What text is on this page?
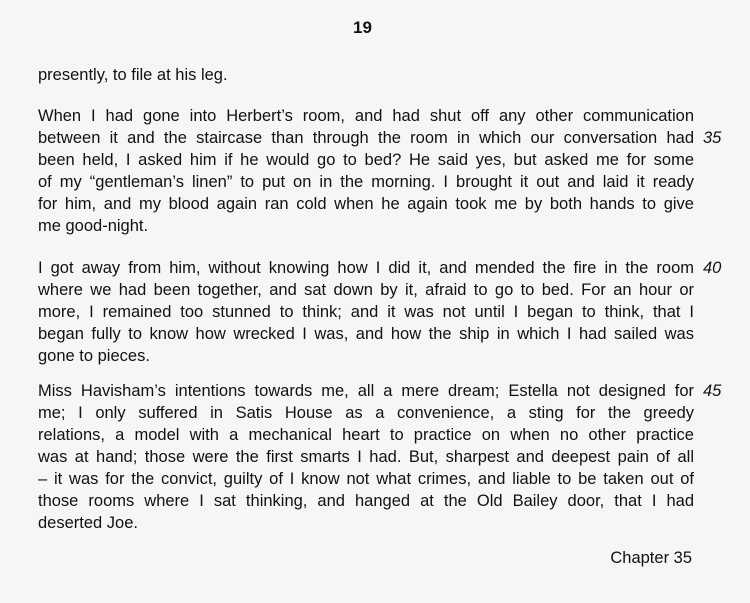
19
presently, to file at his leg.
When I had gone into Herbert’s room, and had shut off any other communication
between it and the staircase than through the room in which our conversation had
been held, I asked him if he would go to bed? He said yes, but asked me for some
of my “gentleman’s linen” to put on in the morning. I brought it out and laid it ready
for him, and my blood again ran cold when he again took me by both hands to give
me good-night.
I got away from him, without knowing how I did it, and mended the fire in the room
where we had been together, and sat down by it, afraid to go to bed. For an hour or
more, I remained too stunned to think; and it was not until I began to think, that I
began fully to know how wrecked I was, and how the ship in which I had sailed was
gone to pieces.
Miss Havisham’s intentions towards me, all a mere dream; Estella not designed for
me; I only suffered in Satis House as a convenience, a sting for the greedy
relations, a model with a mechanical heart to practice on when no other practice
was at hand; those were the first smarts I had. But, sharpest and deepest pain of all
– it was for the convict, guilty of I know not what crimes, and liable to be taken out of
those rooms where I sat thinking, and hanged at the Old Bailey door, that I had
deserted Joe.
35
40
45
Chapter 35
